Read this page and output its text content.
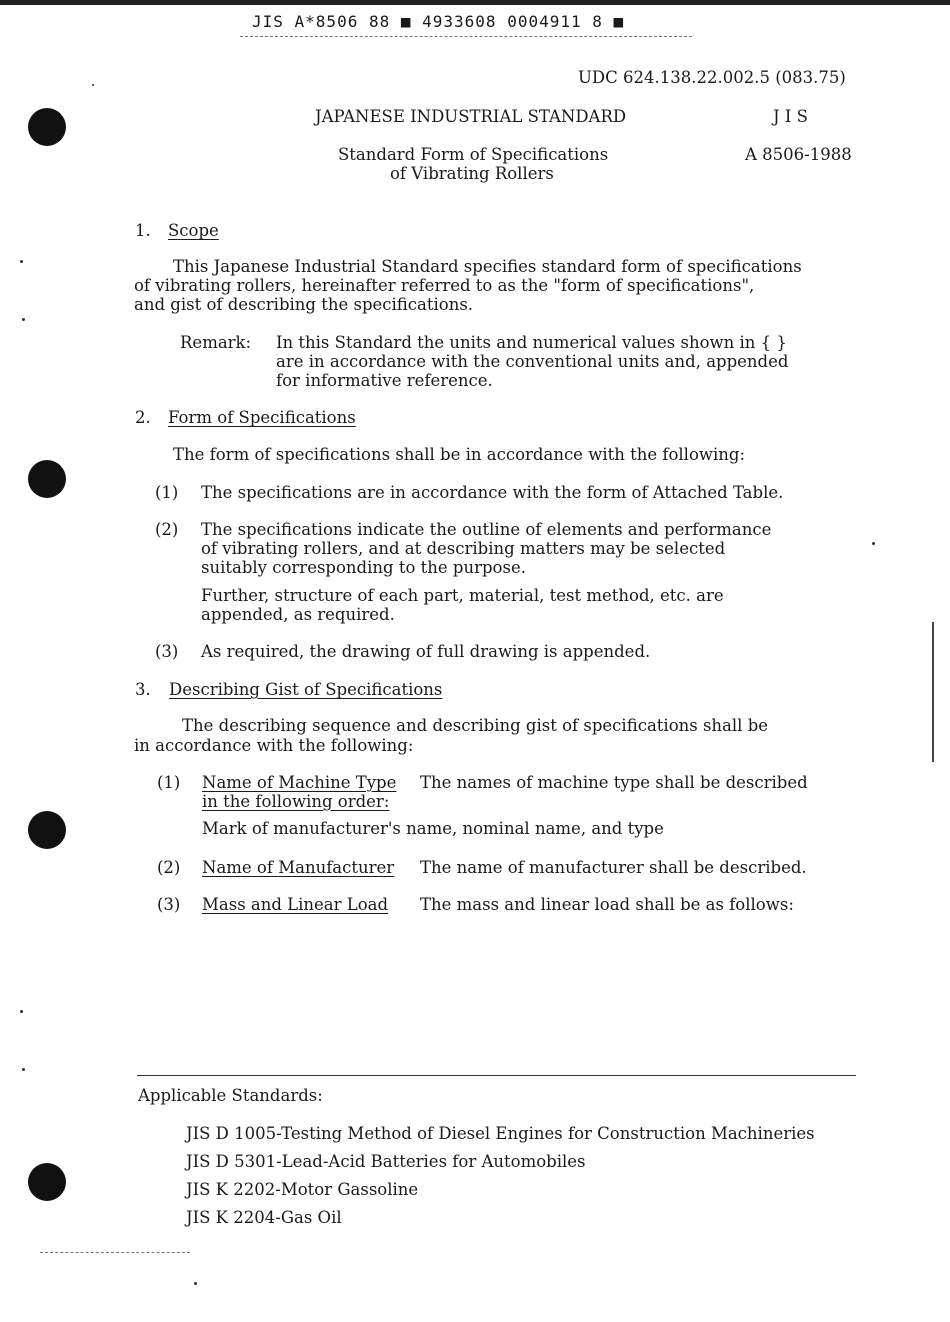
JIS A*8506 88 ■ 4933608 0004911 8 ■
UDC 624.138.22.002.5 (083.75)
JAPANESE INDUSTRIAL STANDARD	J I S
Standard Form of Specifications
of Vibrating Rollers
A 8506-1988
1. Scope
This Japanese Industrial Standard specifies standard form of specifications
of vibrating rollers, hereinafter referred to as the "form of specifications",
and gist of describing the specifications.
Remark: In this Standard the units and numerical values shown in { }
are in accordance with the conventional units and, appended
for informative reference.
2. Form of Specifications
The form of specifications shall be in accordance with the following:
(1) The specifications are in accordance with the form of Attached Table.
(2) The specifications indicate the outline of elements and performance
of vibrating rollers, and at describing matters may be selected
suitably corresponding to the purpose.
Further, structure of each part, material, test method, etc. are
appended, as required.
(3) As required, the drawing of full drawing is appended.
3. Describing Gist of Specifications
The describing sequence and describing gist of specifications shall be
in accordance with the following:
(1) Name of Machine Type The names of machine type shall be described
in the following order:
Mark of manufacturer's name, nominal name, and type
(2) Name of Manufacturer The name of manufacturer shall be described.
(3) Mass and Linear Load The mass and linear load shall be as follows:
Applicable Standards:
JIS D 1005-Testing Method of Diesel Engines for Construction Machineries
JIS D 5301-Lead-Acid Batteries for Automobiles
JIS K 2202-Motor Gassoline
JIS K 2204-Gas Oil
